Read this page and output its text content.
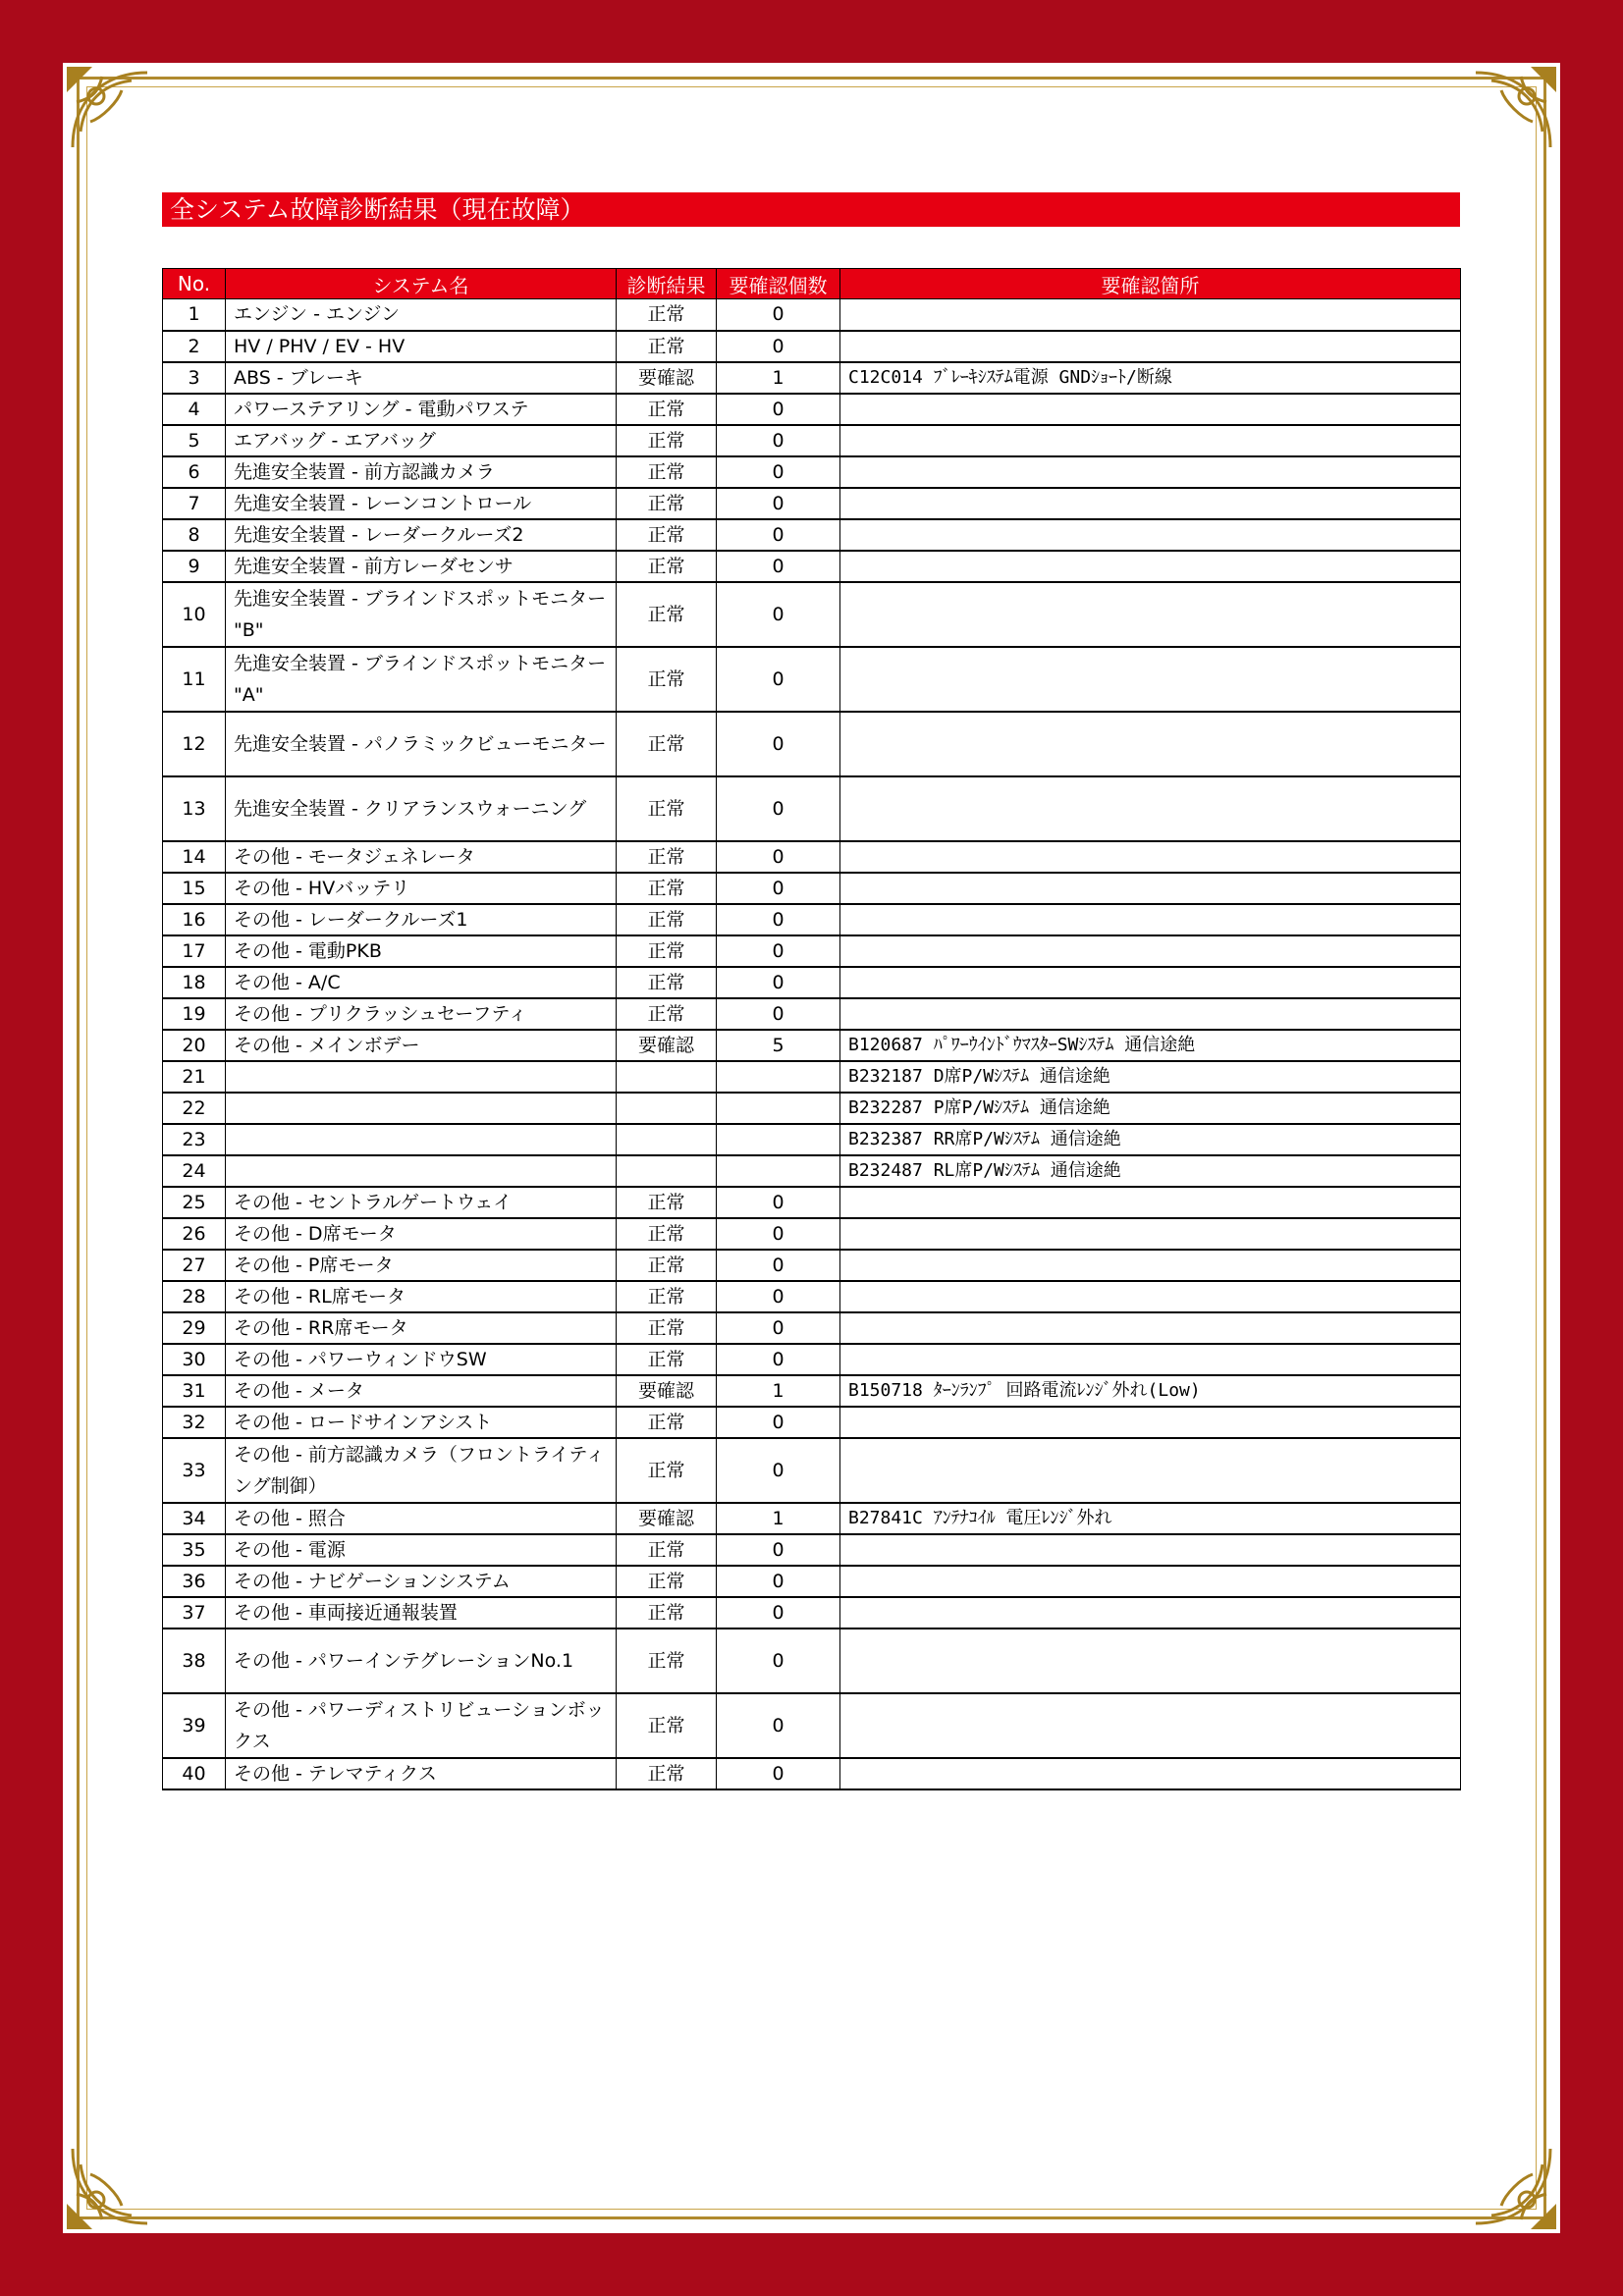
全システム故障診断結果（現在故障）
No.	システム名	診断結果	要確認個数	要確認箇所
1	エンジン - エンジン	正常	0	
2	HV / PHV / EV - HV	正常	0	
3	ABS - ブレーキ	要確認	1	C12C014 ﾌﾞﾚｰｷｼｽﾃﾑ電源 GNDｼｮｰﾄ/断線
4	パワーステアリング - 電動パワステ	正常	0	
5	エアバッグ - エアバッグ	正常	0	
6	先進安全装置 - 前方認識カメラ	正常	0	
7	先進安全装置 - レーンコントロール	正常	0	
8	先進安全装置 - レーダークルーズ2	正常	0	
9	先進安全装置 - 前方レーダセンサ	正常	0	
10	先進安全装置 - ブラインドスポットモニター "B"	正常	0	
11	先進安全装置 - ブラインドスポットモニター "A"	正常	0	
12	先進安全装置 - パノラミックビューモニター	正常	0	
13	先進安全装置 - クリアランスウォーニング	正常	0	
14	その他 - モータジェネレータ	正常	0	
15	その他 - HVバッテリ	正常	0	
16	その他 - レーダークルーズ1	正常	0	
17	その他 - 電動PKB	正常	0	
18	その他 - A/C	正常	0	
19	その他 - プリクラッシュセーフティ	正常	0	
20	その他 - メインボデー	要確認	5	B120687 ﾊﾟﾜｰｳｲﾝﾄﾞｳﾏｽﾀｰSWｼｽﾃﾑ 通信途絶
21				B232187 D席P/Wｼｽﾃﾑ 通信途絶
22				B232287 P席P/Wｼｽﾃﾑ 通信途絶
23				B232387 RR席P/Wｼｽﾃﾑ 通信途絶
24				B232487 RL席P/Wｼｽﾃﾑ 通信途絶
25	その他 - セントラルゲートウェイ	正常	0	
26	その他 - D席モータ	正常	0	
27	その他 - P席モータ	正常	0	
28	その他 - RL席モータ	正常	0	
29	その他 - RR席モータ	正常	0	
30	その他 - パワーウィンドウSW	正常	0	
31	その他 - メータ	要確認	1	B150718 ﾀｰﾝﾗﾝﾌﾟ 回路電流ﾚﾝｼﾞ外れ(Low)
32	その他 - ロードサインアシスト	正常	0	
33	その他 - 前方認識カメラ（フロントライティング制御）	正常	0	
34	その他 - 照合	要確認	1	B27841C ｱﾝﾃﾅｺｲﾙ 電圧ﾚﾝｼﾞ外れ
35	その他 - 電源	正常	0	
36	その他 - ナビゲーションシステム	正常	0	
37	その他 - 車両接近通報装置	正常	0	
38	その他 - パワーインテグレーションNo.1	正常	0	
39	その他 - パワーディストリビューションボックス	正常	0	
40	その他 - テレマティクス	正常	0	
